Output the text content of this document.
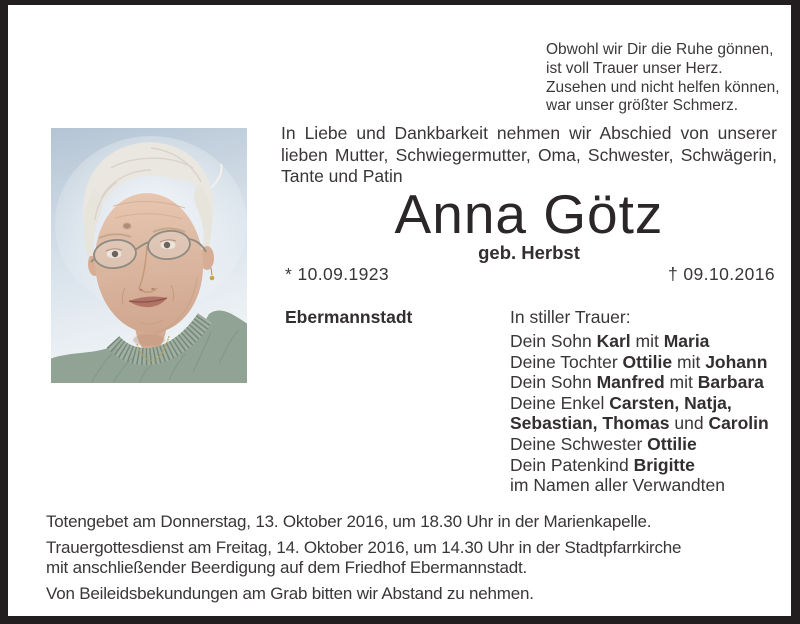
Obwohl wir Dir die Ruhe gönnen,
ist voll Trauer unser Herz.
Zusehen und nicht helfen können,
war unser größter Schmerz.
In Liebe und Dankbarkeit nehmen wir Abschied von unserer
lieben Mutter, Schwiegermutter, Oma, Schwester, Schwägerin,
Tante und Patin
Anna Götz
geb. Herbst
* 10.09.1923	† 09.10.2016
Ebermannstadt	In stiller Trauer:
Dein Sohn Karl mit Maria
Deine Tochter Ottilie mit Johann
Dein Sohn Manfred mit Barbara
Deine Enkel Carsten, Natja,
Sebastian, Thomas und Carolin
Deine Schwester Ottilie
Dein Patenkind Brigitte
im Namen aller Verwandten

Totengebet am Donnerstag, 13. Oktober 2016, um 18.30 Uhr in der Marienkapelle.

Trauergottesdienst am Freitag, 14. Oktober 2016, um 14.30 Uhr in der Stadtpfarrkirche
mit anschließender Beerdigung auf dem Friedhof Ebermannstadt.

Von Beileidsbekundungen am Grab bitten wir Abstand zu nehmen.
